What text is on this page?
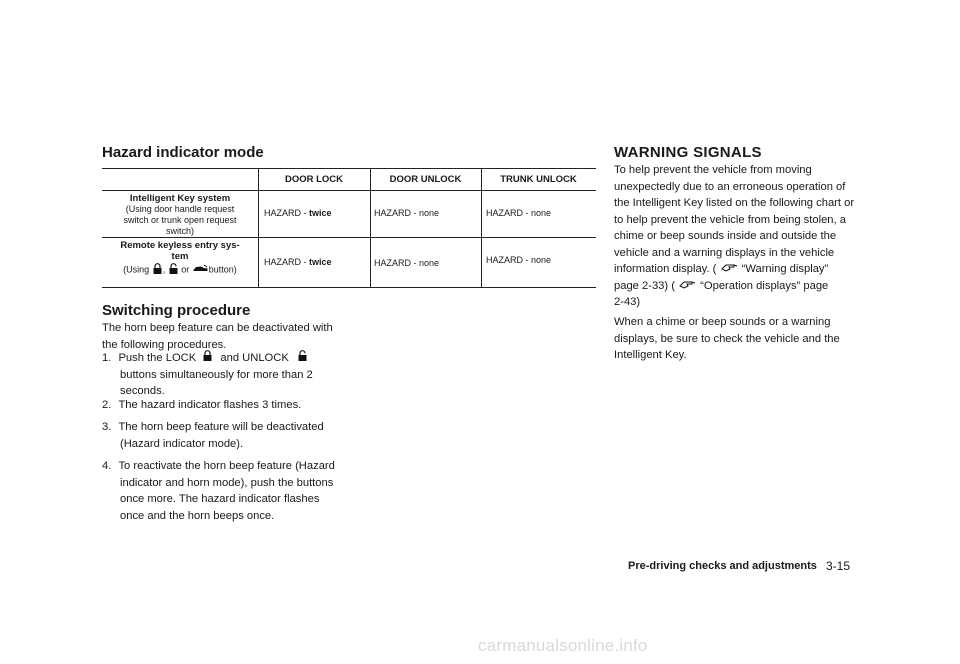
Hazard indicator mode
DOOR LOCK	DOOR UNLOCK	TRUNK UNLOCK
Intelligent Key system
(Using door handle request
switch or trunk open request
switch)
HAZARD - twice	HAZARD - none	HAZARD - none
Remote keyless entry sys-
tem
(Using , or button)
HAZARD - twice	HAZARD - none	HAZARD - none
Switching procedure
The horn beep feature can be deactivated with
the following procedures.
1. Push the LOCK and UNLOCK
buttons simultaneously for more than 2
seconds.
2. The hazard indicator flashes 3 times.
3. The horn beep feature will be deactivated
(Hazard indicator mode).
4. To reactivate the horn beep feature (Hazard
indicator and horn mode), push the buttons
once more. The hazard indicator flashes
once and the horn beeps once.
WARNING SIGNALS
To help prevent the vehicle from moving
unexpectedly due to an erroneous operation of
the Intelligent Key listed on the following chart or
to help prevent the vehicle from being stolen, a
chime or beep sounds inside and outside the
vehicle and a warning displays in the vehicle
information display. ( “Warning display”
page 2-33) ( “Operation displays” page
2-43)
When a chime or beep sounds or a warning
displays, be sure to check the vehicle and the
Intelligent Key.
Pre-driving checks and adjustments 3-15
carmanualsonline.info
